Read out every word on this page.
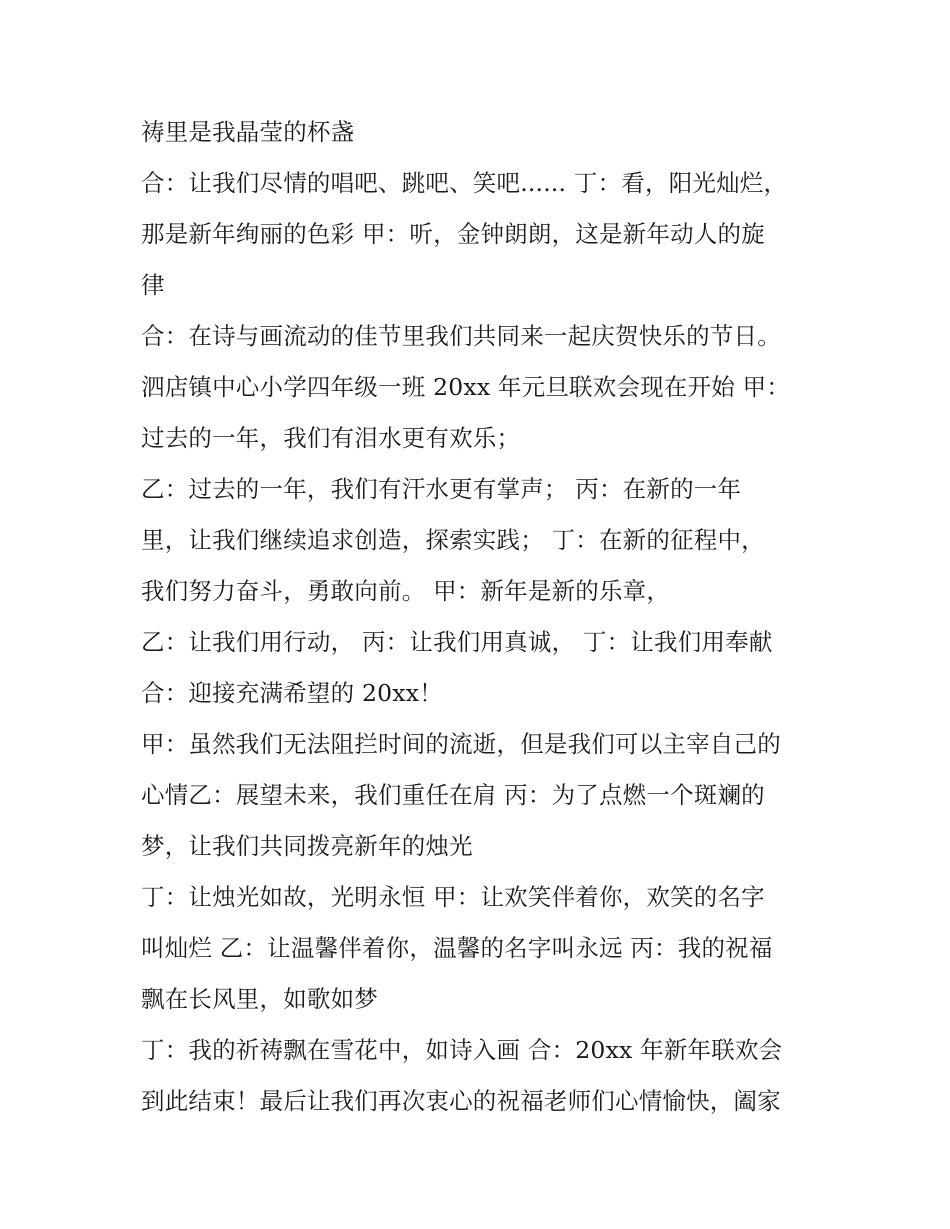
祷里是我晶莹的杯盏
合：让我们尽情的唱吧、跳吧、笑吧...... 丁：看，阳光灿烂，
那是新年绚丽的色彩 甲：听，金钟朗朗，这是新年动人的旋
律
合：在诗与画流动的佳节里我们共同来一起庆贺快乐的节日。
泗店镇中心小学四年级一班 20xx 年元旦联欢会现在开始 甲：
过去的一年，我们有泪水更有欢乐；
乙：过去的一年，我们有汗水更有掌声； 丙：在新的一年
里，让我们继续追求创造，探索实践； 丁：在新的征程中，
我们努力奋斗，勇敢向前。 甲：新年是新的乐章，
乙：让我们用行动， 丙：让我们用真诚， 丁：让我们用奉献
合：迎接充满希望的 20xx！
甲：虽然我们无法阻拦时间的流逝，但是我们可以主宰自己的
心情乙：展望未来，我们重任在肩 丙：为了点燃一个斑斓的
梦，让我们共同拨亮新年的烛光
丁：让烛光如故，光明永恒 甲：让欢笑伴着你，欢笑的名字
叫灿烂 乙：让温馨伴着你，温馨的名字叫永远 丙：我的祝福
飘在长风里，如歌如梦
丁：我的祈祷飘在雪花中，如诗入画 合：20xx 年新年联欢会
到此结束！最后让我们再次衷心的祝福老师们心情愉快，阖家
